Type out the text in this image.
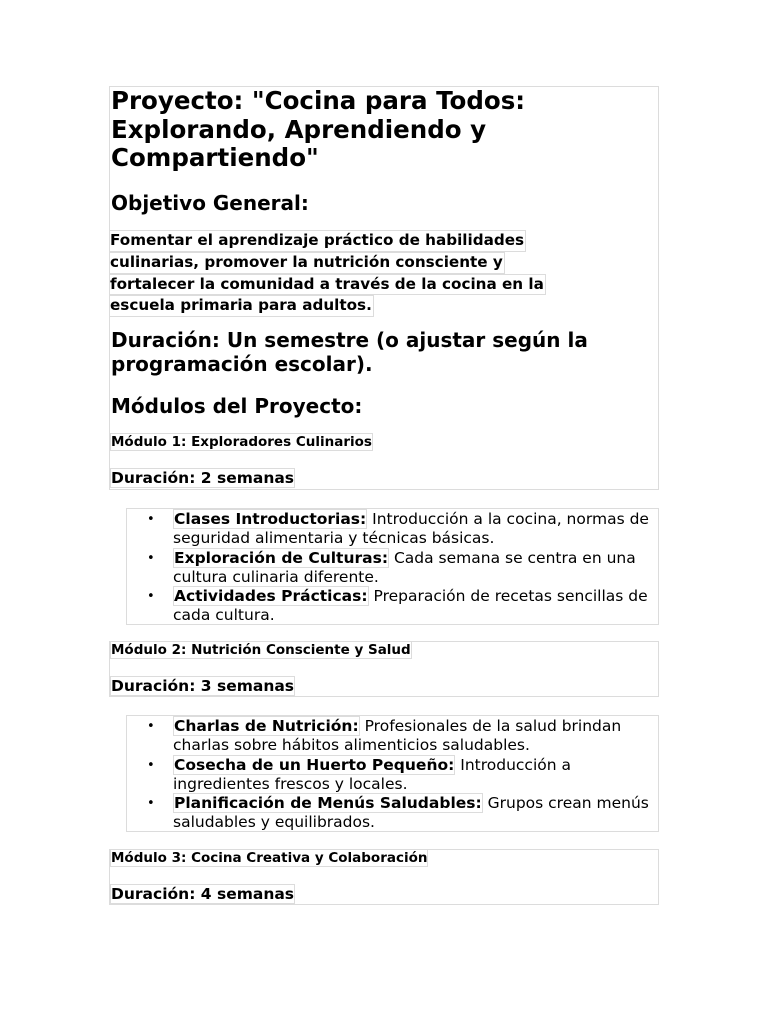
Proyecto: "Cocina para Todos: Explorando, Aprendiendo y Compartiendo"
Objetivo General:
Fomentar el aprendizaje práctico de habilidades
culinarias, promover la nutrición consciente y
fortalecer la comunidad a través de la cocina en la
escuela primaria para adultos.
Duración: Un semestre (o ajustar según la programación escolar).
Módulos del Proyecto:
Módulo 1: Exploradores Culinarios
Duración: 2 semanas
• Clases Introductorias: Introducción a la cocina, normas de seguridad alimentaria y técnicas básicas.
• Exploración de Culturas: Cada semana se centra en una cultura culinaria diferente.
• Actividades Prácticas: Preparación de recetas sencillas de cada cultura.
Módulo 2: Nutrición Consciente y Salud
Duración: 3 semanas
• Charlas de Nutrición: Profesionales de la salud brindan charlas sobre hábitos alimenticios saludables.
• Cosecha de un Huerto Pequeño: Introducción a ingredientes frescos y locales.
• Planificación de Menús Saludables: Grupos crean menús saludables y equilibrados.
Módulo 3: Cocina Creativa y Colaboración
Duración: 4 semanas
